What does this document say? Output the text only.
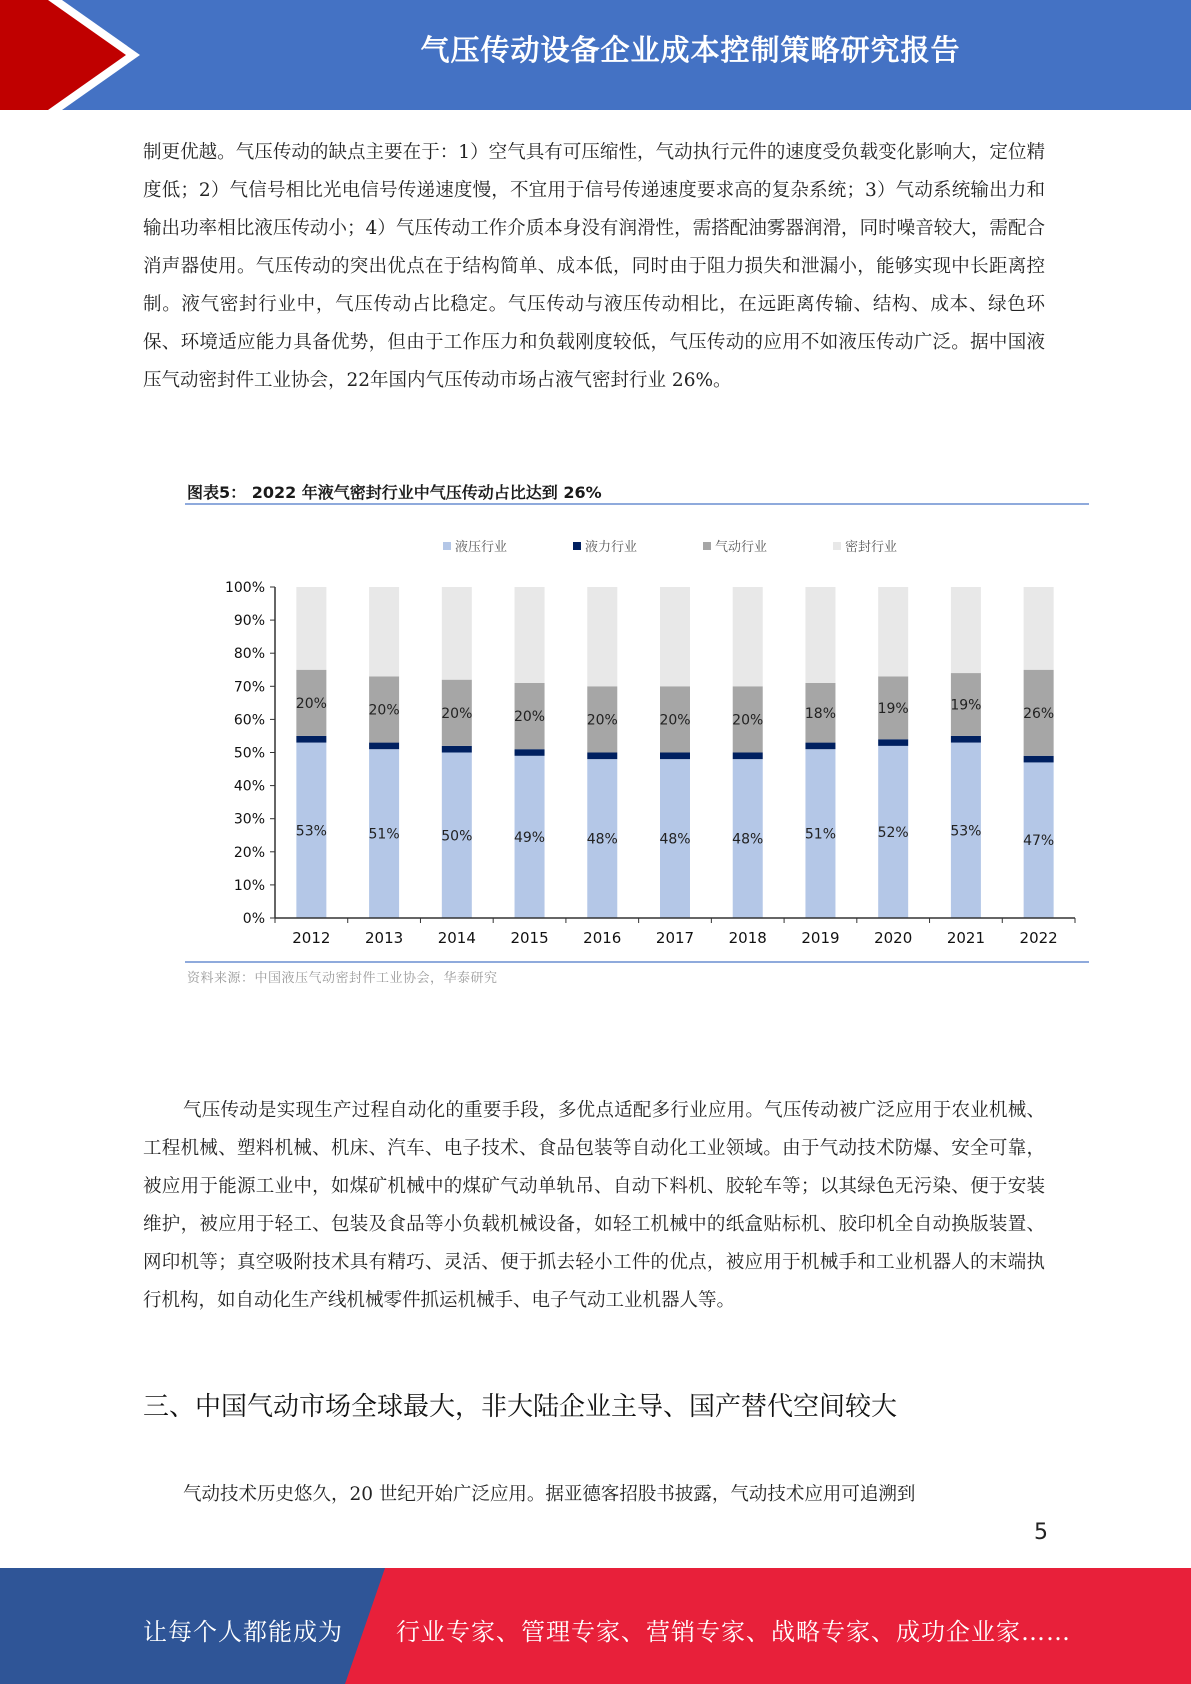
气压传动设备企业成本控制策略研究报告

制更优越。气压传动的缺点主要在于：1）空气具有可压缩性，气动执行元件的速度受负载变化影响大，定位精度低；2）气信号相比光电信号传递速度慢，不宜用于信号传递速度要求高的复杂系统；3）气动系统输出力和输出功率相比液压传动小；4）气压传动工作介质本身没有润滑性，需搭配油雾器润滑，同时噪音较大，需配合消声器使用。气压传动的突出优点在于结构简单、成本低，同时由于阻力损失和泄漏小，能够实现中长距离控制。液气密封行业中，气压传动占比稳定。气压传动与液压传动相比，在远距离传输、结构、成本、绿色环保、环境适应能力具备优势，但由于工作压力和负载刚度较低，气压传动的应用不如液压传动广泛。据中国液压气动密封件工业协会，22年国内气压传动市场占液气密封行业 26%。

图表5： 2022 年液气密封行业中气压传动占比达到 26%
液压行业	液力行业	气动行业	密封行业
0%
10%
20%
30%
40%
50%
60%
70%
80%
90%
100%
53%
20%
51%
20%
50%
20%
49%
20%
48%
20%
48%
20%
48%
20%
51%
18%
52%
19%
53%
19%
47%
26%
2012 2013 2014 2015 2016 2017 2018 2019 2020 2021 2022
资料来源：中国液压气动密封件工业协会，华泰研究

气压传动是实现生产过程自动化的重要手段，多优点适配多行业应用。气压传动被广泛应用于农业机械、工程机械、塑料机械、机床、汽车、电子技术、食品包装等自动化工业领域。由于气动技术防爆、安全可靠，被应用于能源工业中，如煤矿机械中的煤矿气动单轨吊、自动下料机、胶轮车等；以其绿色无污染、便于安装维护，被应用于轻工、包装及食品等小负载机械设备，如轻工机械中的纸盒贴标机、胶印机全自动换版装置、网印机等；真空吸附技术具有精巧、灵活、便于抓去轻小工件的优点，被应用于机械手和工业机器人的末端执行机构，如自动化生产线机械零件抓运机械手、电子气动工业机器人等。

三、中国气动市场全球最大，非大陆企业主导、国产替代空间较大

气动技术历史悠久，20 世纪开始广泛应用。据亚德客招股书披露，气动技术应用可追溯到

5
让每个人都能成为 行业专家、管理专家、营销专家、战略专家、成功企业家……
